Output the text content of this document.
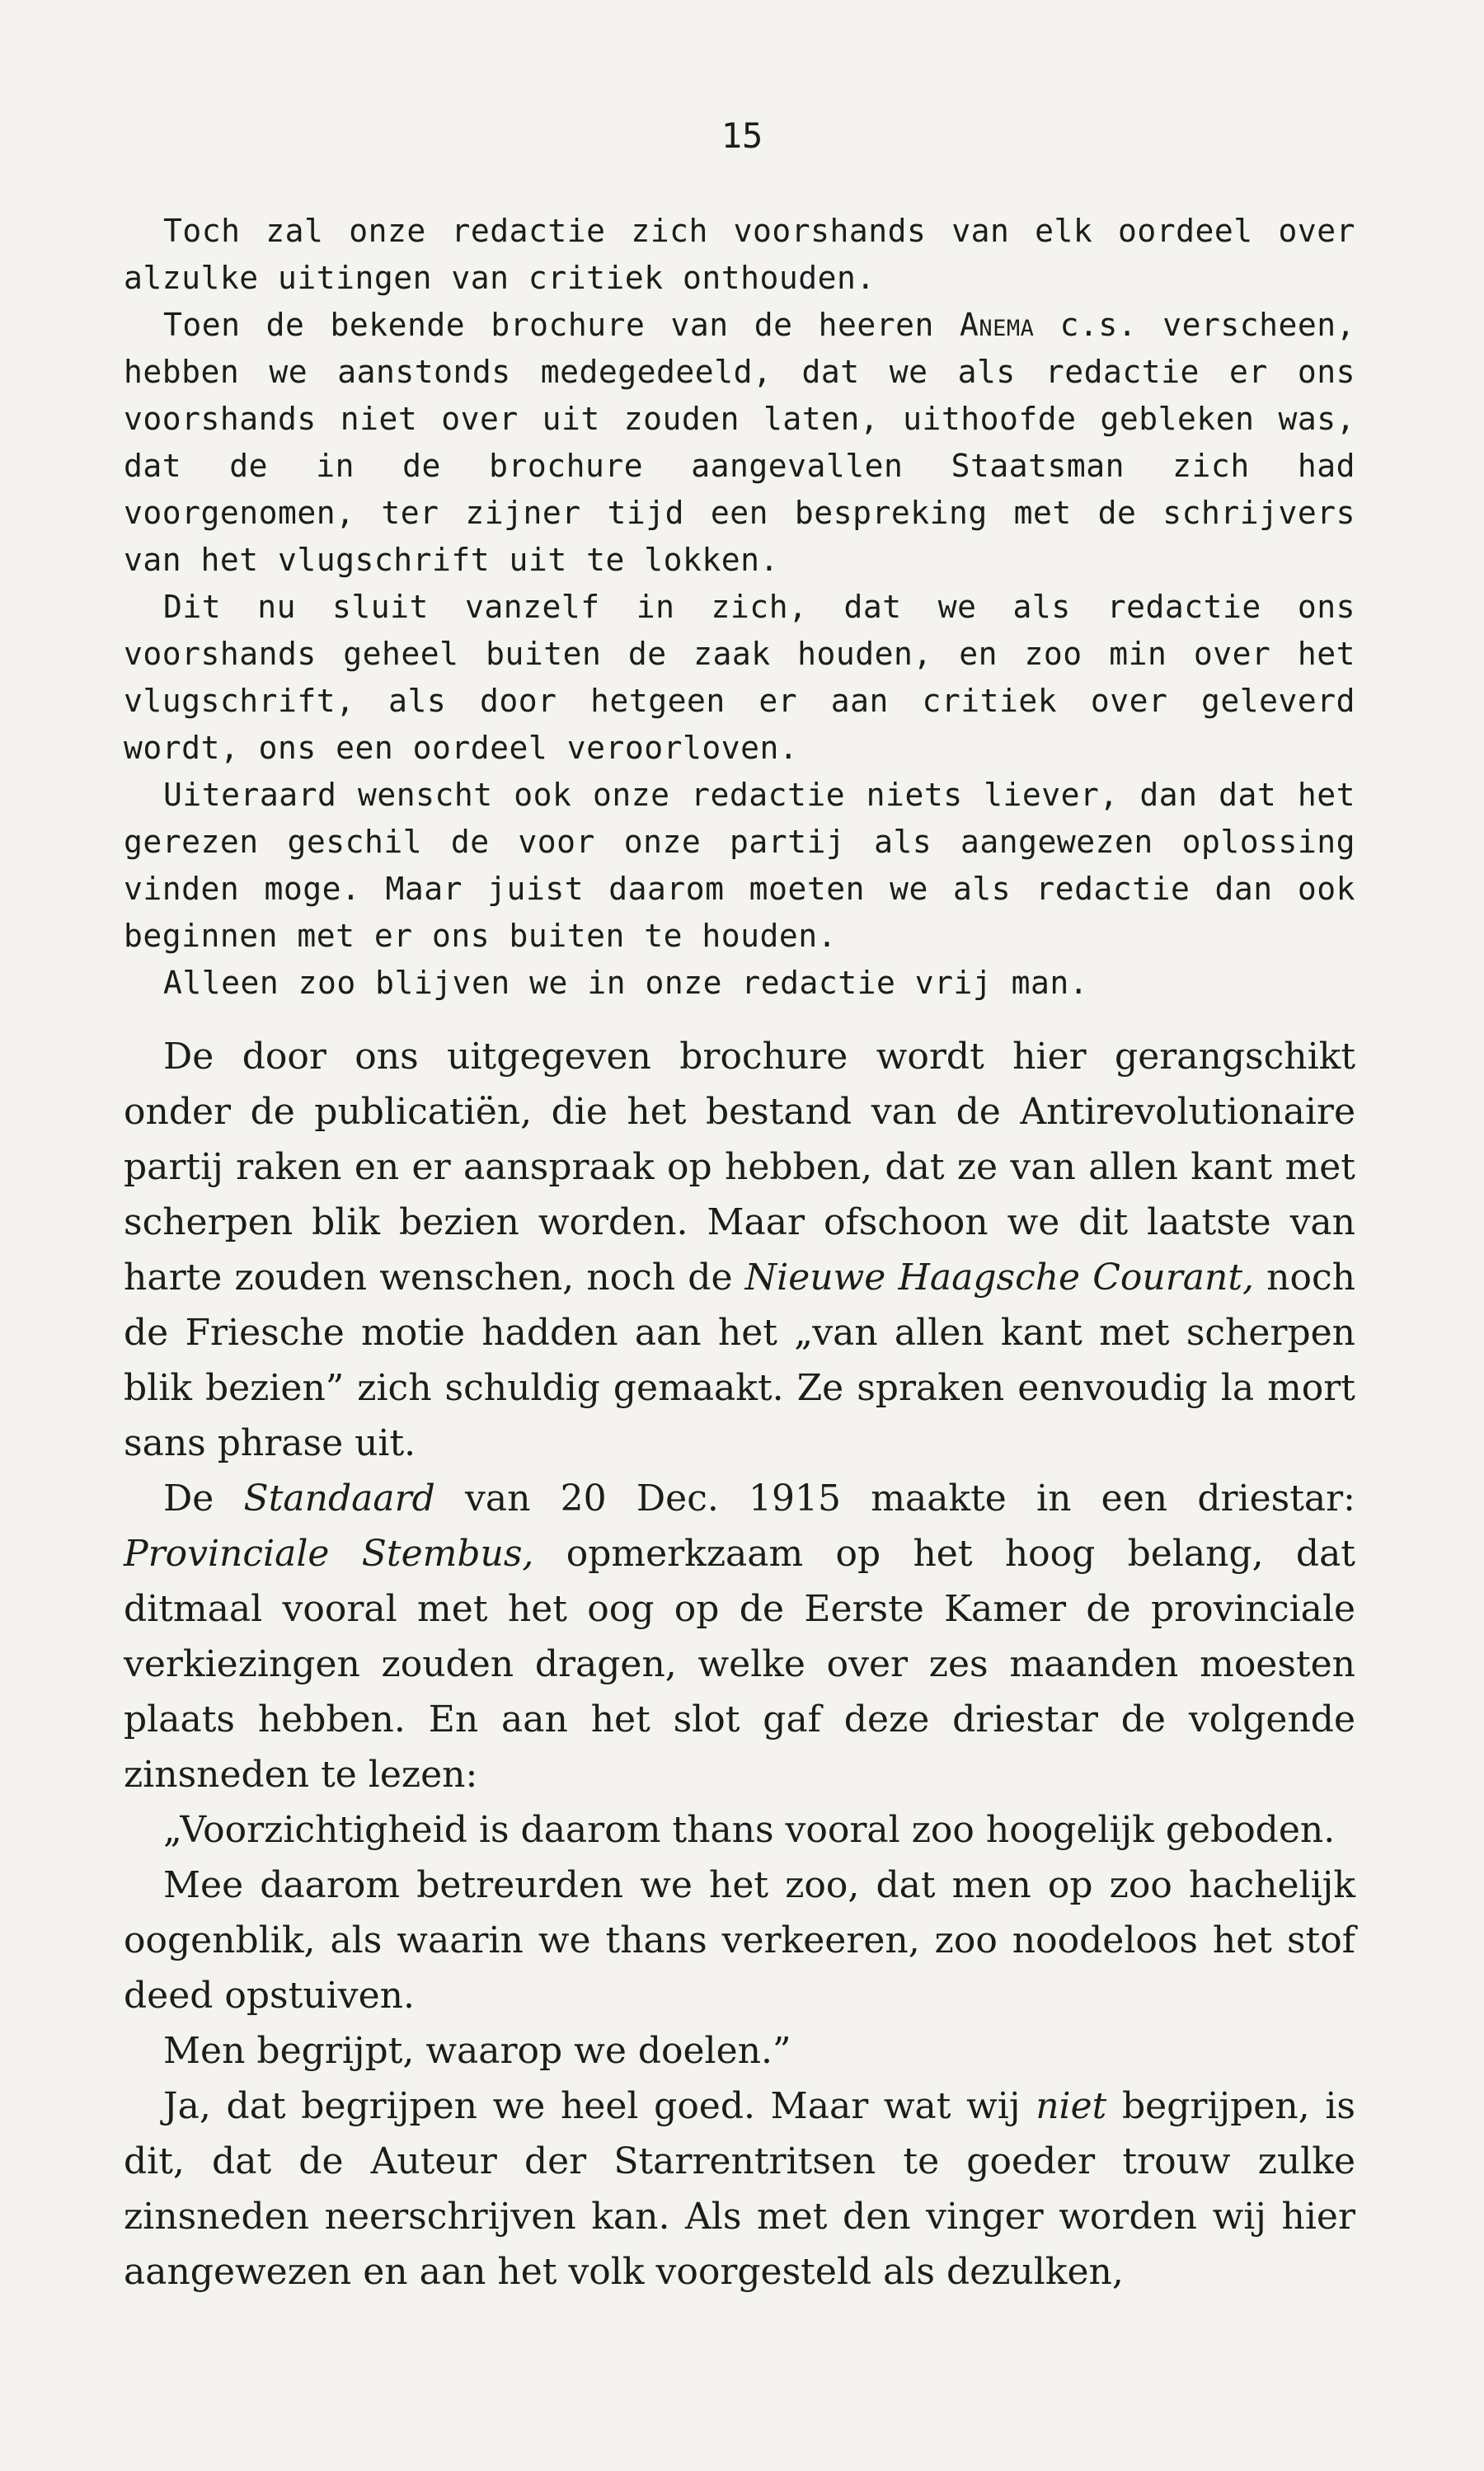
15

Toch zal onze redactie zich voorshands van elk oordeel over alzulke uitingen van critiek onthouden.

Toen de bekende brochure van de heeren Anema c.s. verscheen, hebben we aanstonds medegedeeld, dat we als redactie er ons voorshands niet over uit zouden laten, uithoofde gebleken was, dat de in de brochure aangevallen Staatsman zich had voorgenomen, ter zijner tijd een bespreking met de schrijvers van het vlugschrift uit te lokken.

Dit nu sluit vanzelf in zich, dat we als redactie ons voorshands geheel buiten de zaak houden, en zoo min over het vlugschrift, als door hetgeen er aan critiek over geleverd wordt, ons een oordeel veroorloven.

Uiteraard wenscht ook onze redactie niets liever, dan dat het gerezen geschil de voor onze partij als aangewezen oplossing vinden moge. Maar juist daarom moeten we als redactie dan ook beginnen met er ons buiten te houden.

Alleen zoo blijven we in onze redactie vrij man.

De door ons uitgegeven brochure wordt hier gerangschikt onder de publicatiën, die het bestand van de Antirevolutionaire partij raken en er aanspraak op hebben, dat ze van allen kant met scherpen blik bezien worden. Maar ofschoon we dit laatste van harte zouden wenschen, noch de Nieuwe Haagsche Courant, noch de Friesche motie hadden aan het „van allen kant met scherpen blik bezien” zich schuldig gemaakt. Ze spraken eenvoudig la mort sans phrase uit.

De Standaard van 20 Dec. 1915 maakte in een driestar: Provinciale Stembus, opmerkzaam op het hoog belang, dat ditmaal vooral met het oog op de Eerste Kamer de provinciale verkiezingen zouden dragen, welke over zes maanden moesten plaats hebben. En aan het slot gaf deze driestar de volgende zinsneden te lezen:

„Voorzichtigheid is daarom thans vooral zoo hoogelijk geboden.

Mee daarom betreurden we het zoo, dat men op zoo hachelijk oogenblik, als waarin we thans verkeeren, zoo noodeloos het stof deed opstuiven.

Men begrijpt, waarop we doelen.”

Ja, dat begrijpen we heel goed. Maar wat wij niet begrijpen, is dit, dat de Auteur der Starrentritsen te goeder trouw zulke zinsneden neerschrijven kan. Als met den vinger worden wij hier aangewezen en aan het volk voorgesteld als dezulken,
